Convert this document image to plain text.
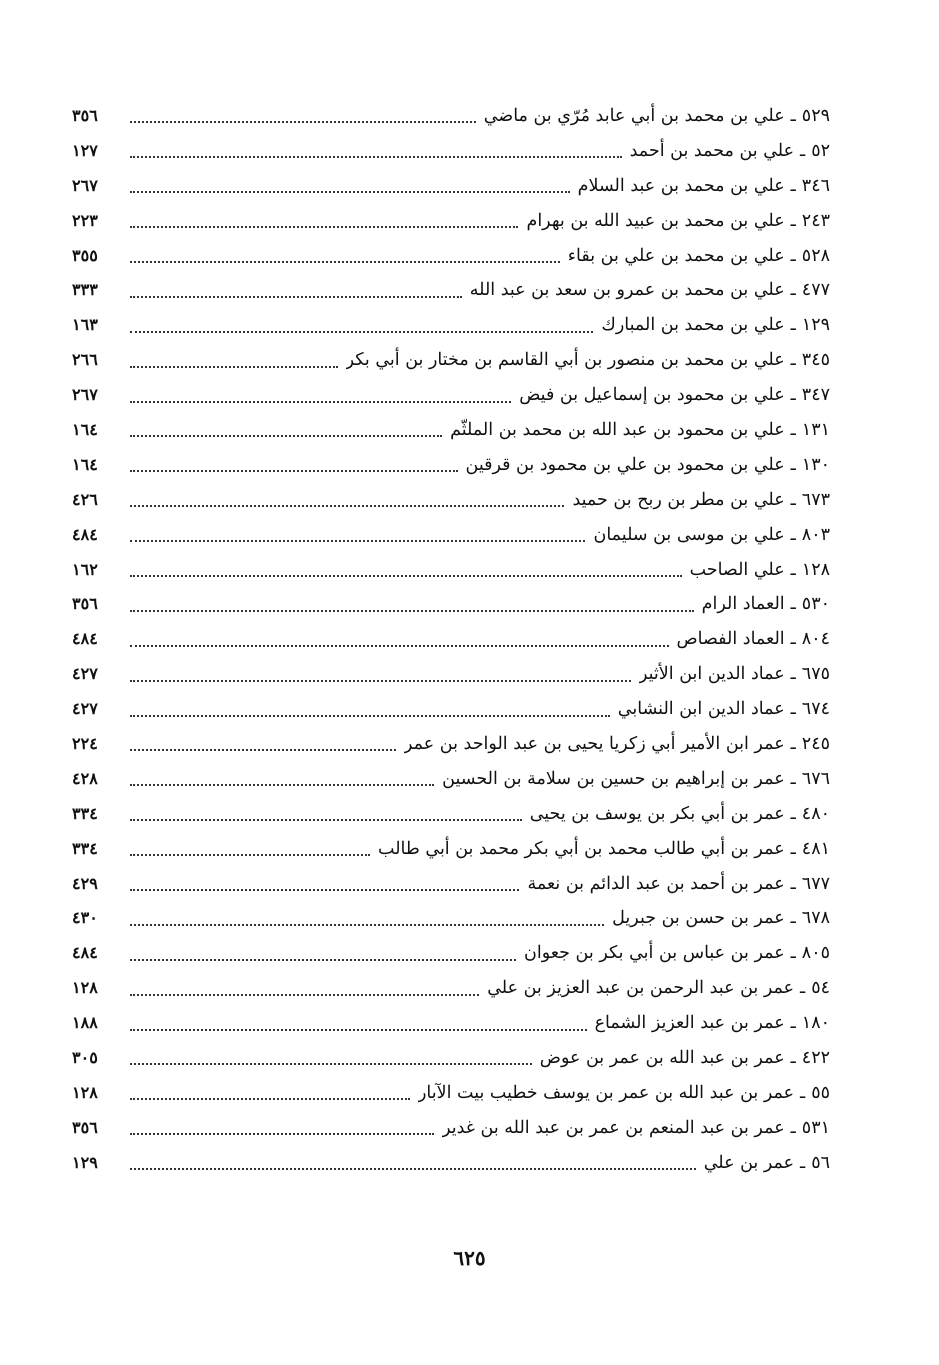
٥٢٩
ـ
علي بن محمد بن أبي عابد مُرّي بن ماضي
٣٥٦
٥٢
ـ
علي بن محمد بن أحمد
١٢٧
٣٤٦
ـ
علي بن محمد بن عبد السلام
٢٦٧
٢٤٣
ـ
علي بن محمد بن عبيد الله بن بهرام
٢٢٣
٥٢٨
ـ
علي بن محمد بن علي بن بقاء
٣٥٥
٤٧٧
ـ
علي بن محمد بن عمرو بن سعد بن عبد الله
٣٣٣
١٢٩
ـ
علي بن محمد بن المبارك
١٦٣
٣٤٥
ـ
علي بن محمد بن منصور بن أبي القاسم بن مختار بن أبي بكر
٢٦٦
٣٤٧
ـ
علي بن محمود بن إسماعيل بن فيض
٢٦٧
١٣١
ـ
علي بن محمود بن عبد الله بن محمد بن الملثّم
١٦٤
١٣٠
ـ
علي بن محمود بن علي بن محمود بن قرقين
١٦٤
٦٧٣
ـ
علي بن مطر بن ربح بن حميد
٤٢٦
٨٠٣
ـ
علي بن موسى بن سليمان
٤٨٤
١٢٨
ـ
علي الصاحب
١٦٢
٥٣٠
ـ
العماد الرام
٣٥٦
٨٠٤
ـ
العماد الفصاص
٤٨٤
٦٧٥
ـ
عماد الدين ابن الأثير
٤٢٧
٦٧٤
ـ
عماد الدين ابن النشابي
٤٢٧
٢٤٥
ـ
عمر ابن الأمير أبي زكريا يحيى بن عبد الواحد بن عمر
٢٢٤
٦٧٦
ـ
عمر بن إبراهيم بن حسين بن سلامة بن الحسين
٤٢٨
٤٨٠
ـ
عمر بن أبي بكر بن يوسف بن يحيى
٣٣٤
٤٨١
ـ
عمر بن أبي طالب محمد بن أبي بكر محمد بن أبي طالب
٣٣٤
٦٧٧
ـ
عمر بن أحمد بن عبد الدائم بن نعمة
٤٢٩
٦٧٨
ـ
عمر بن حسن بن جبريل
٤٣٠
٨٠٥
ـ
عمر بن عباس بن أبي بكر بن جعوان
٤٨٤
٥٤
ـ
عمر بن عبد الرحمن بن عبد العزيز بن علي
١٢٨
١٨٠
ـ
عمر بن عبد العزيز الشماع
١٨٨
٤٢٢
ـ
عمر بن عبد الله بن عمر بن عوض
٣٠٥
٥٥
ـ
عمر بن عبد الله بن عمر بن يوسف خطيب بيت الآبار
١٢٨
٥٣١
ـ
عمر بن عبد المنعم بن عمر بن عبد الله بن غدير
٣٥٦
٥٦
ـ
عمر بن علي
١٢٩
٦٢٥
